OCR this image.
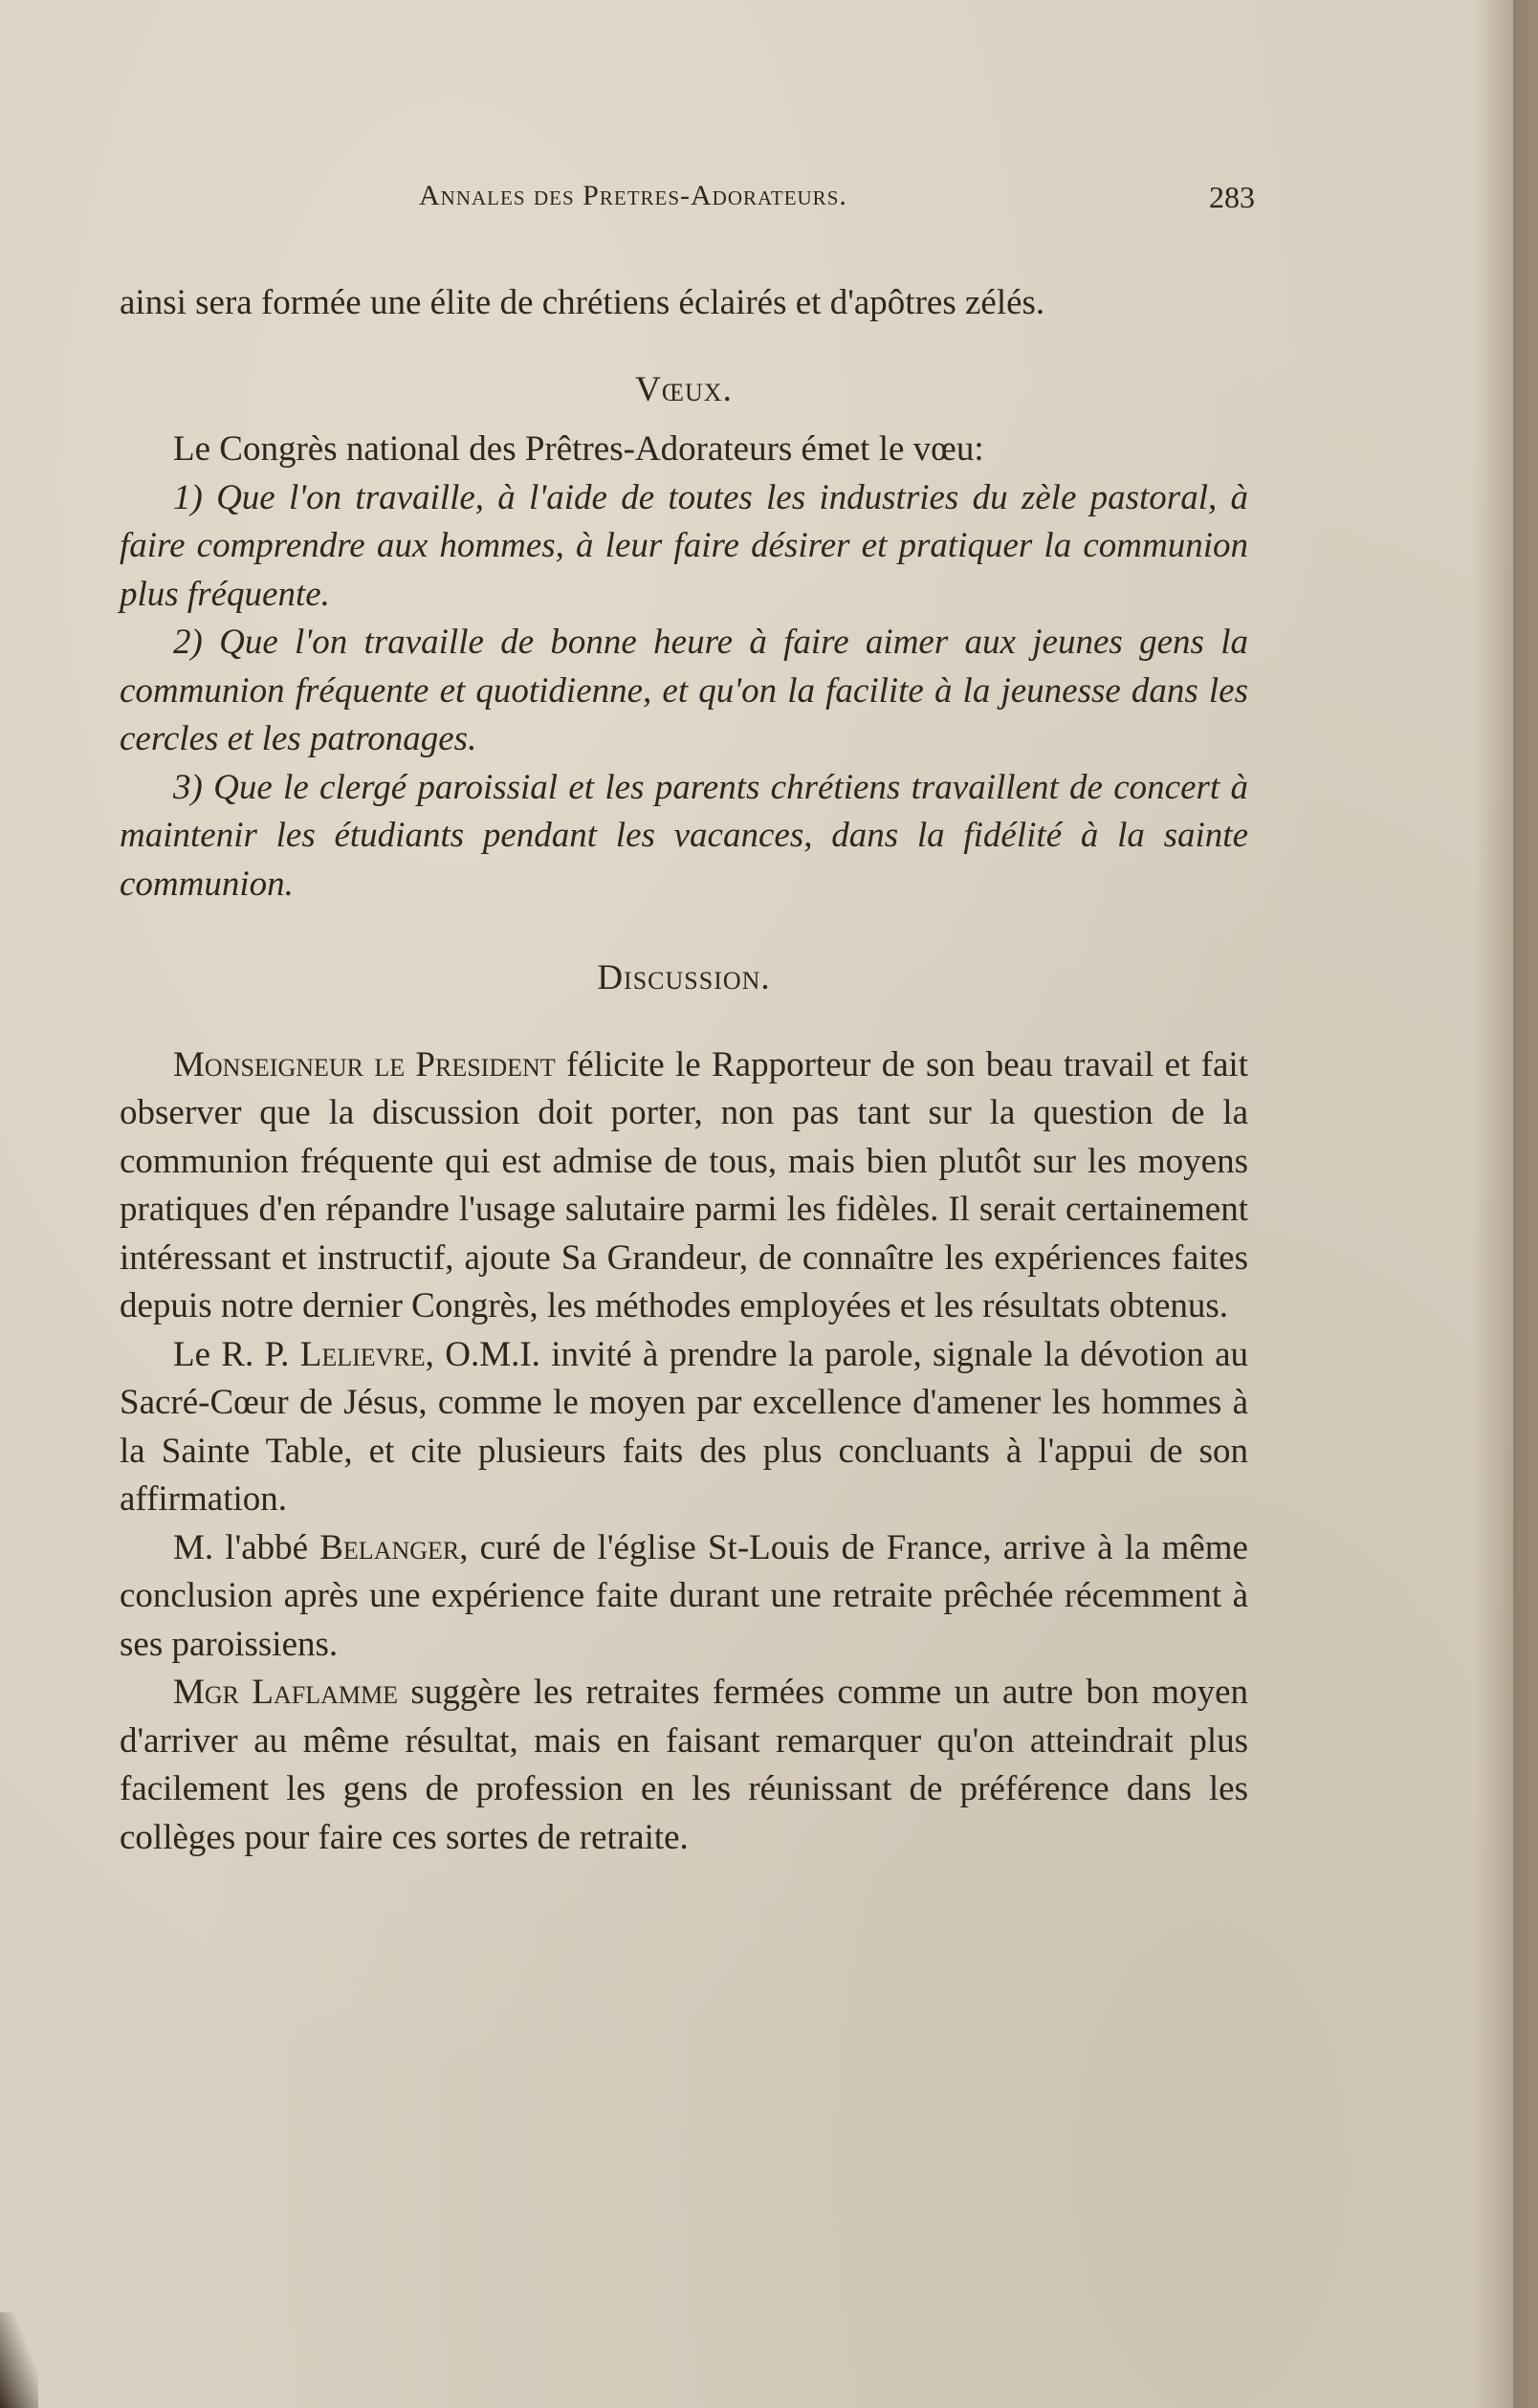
Annales des Pretres-Adorateurs.	283

ainsi sera formée une élite de chrétiens éclairés et d'apôtres zélés.

Vœux.

Le Congrès national des Prêtres-Adorateurs émet le vœu:

1) Que l'on travaille, à l'aide de toutes les industries du zèle pastoral, à faire comprendre aux hommes, à leur faire désirer et pratiquer la communion plus fréquente.

2) Que l'on travaille de bonne heure à faire aimer aux jeunes gens la communion fréquente et quotidienne, et qu'on la facilite à la jeunesse dans les cercles et les patronages.

3) Que le clergé paroissial et les parents chrétiens travaillent de concert à maintenir les étudiants pendant les vacances, dans la fidélité à la sainte communion.

Discussion.

Monseigneur le President félicite le Rapporteur de son beau travail et fait observer que la discussion doit porter, non pas tant sur la question de la communion fréquente qui est admise de tous, mais bien plutôt sur les moyens pratiques d'en répandre l'usage salutaire parmi les fidèles. Il serait certainement intéressant et instructif, ajoute Sa Grandeur, de connaître les expériences faites depuis notre dernier Congrès, les méthodes employées et les résultats obtenus.

Le R. P. Lelievre, O.M.I. invité à prendre la parole, signale la dévotion au Sacré-Cœur de Jésus, comme le moyen par excellence d'amener les hommes à la Sainte Table, et cite plusieurs faits des plus concluants à l'appui de son affirmation.

M. l'abbé Belanger, curé de l'église St-Louis de France, arrive à la même conclusion après une expérience faite durant une retraite prêchée récemment à ses paroissiens.

Mgr Laflamme suggère les retraites fermées comme un autre bon moyen d'arriver au même résultat, mais en faisant remarquer qu'on atteindrait plus facilement les gens de profession en les réunissant de préférence dans les collèges pour faire ces sortes de retraite.
